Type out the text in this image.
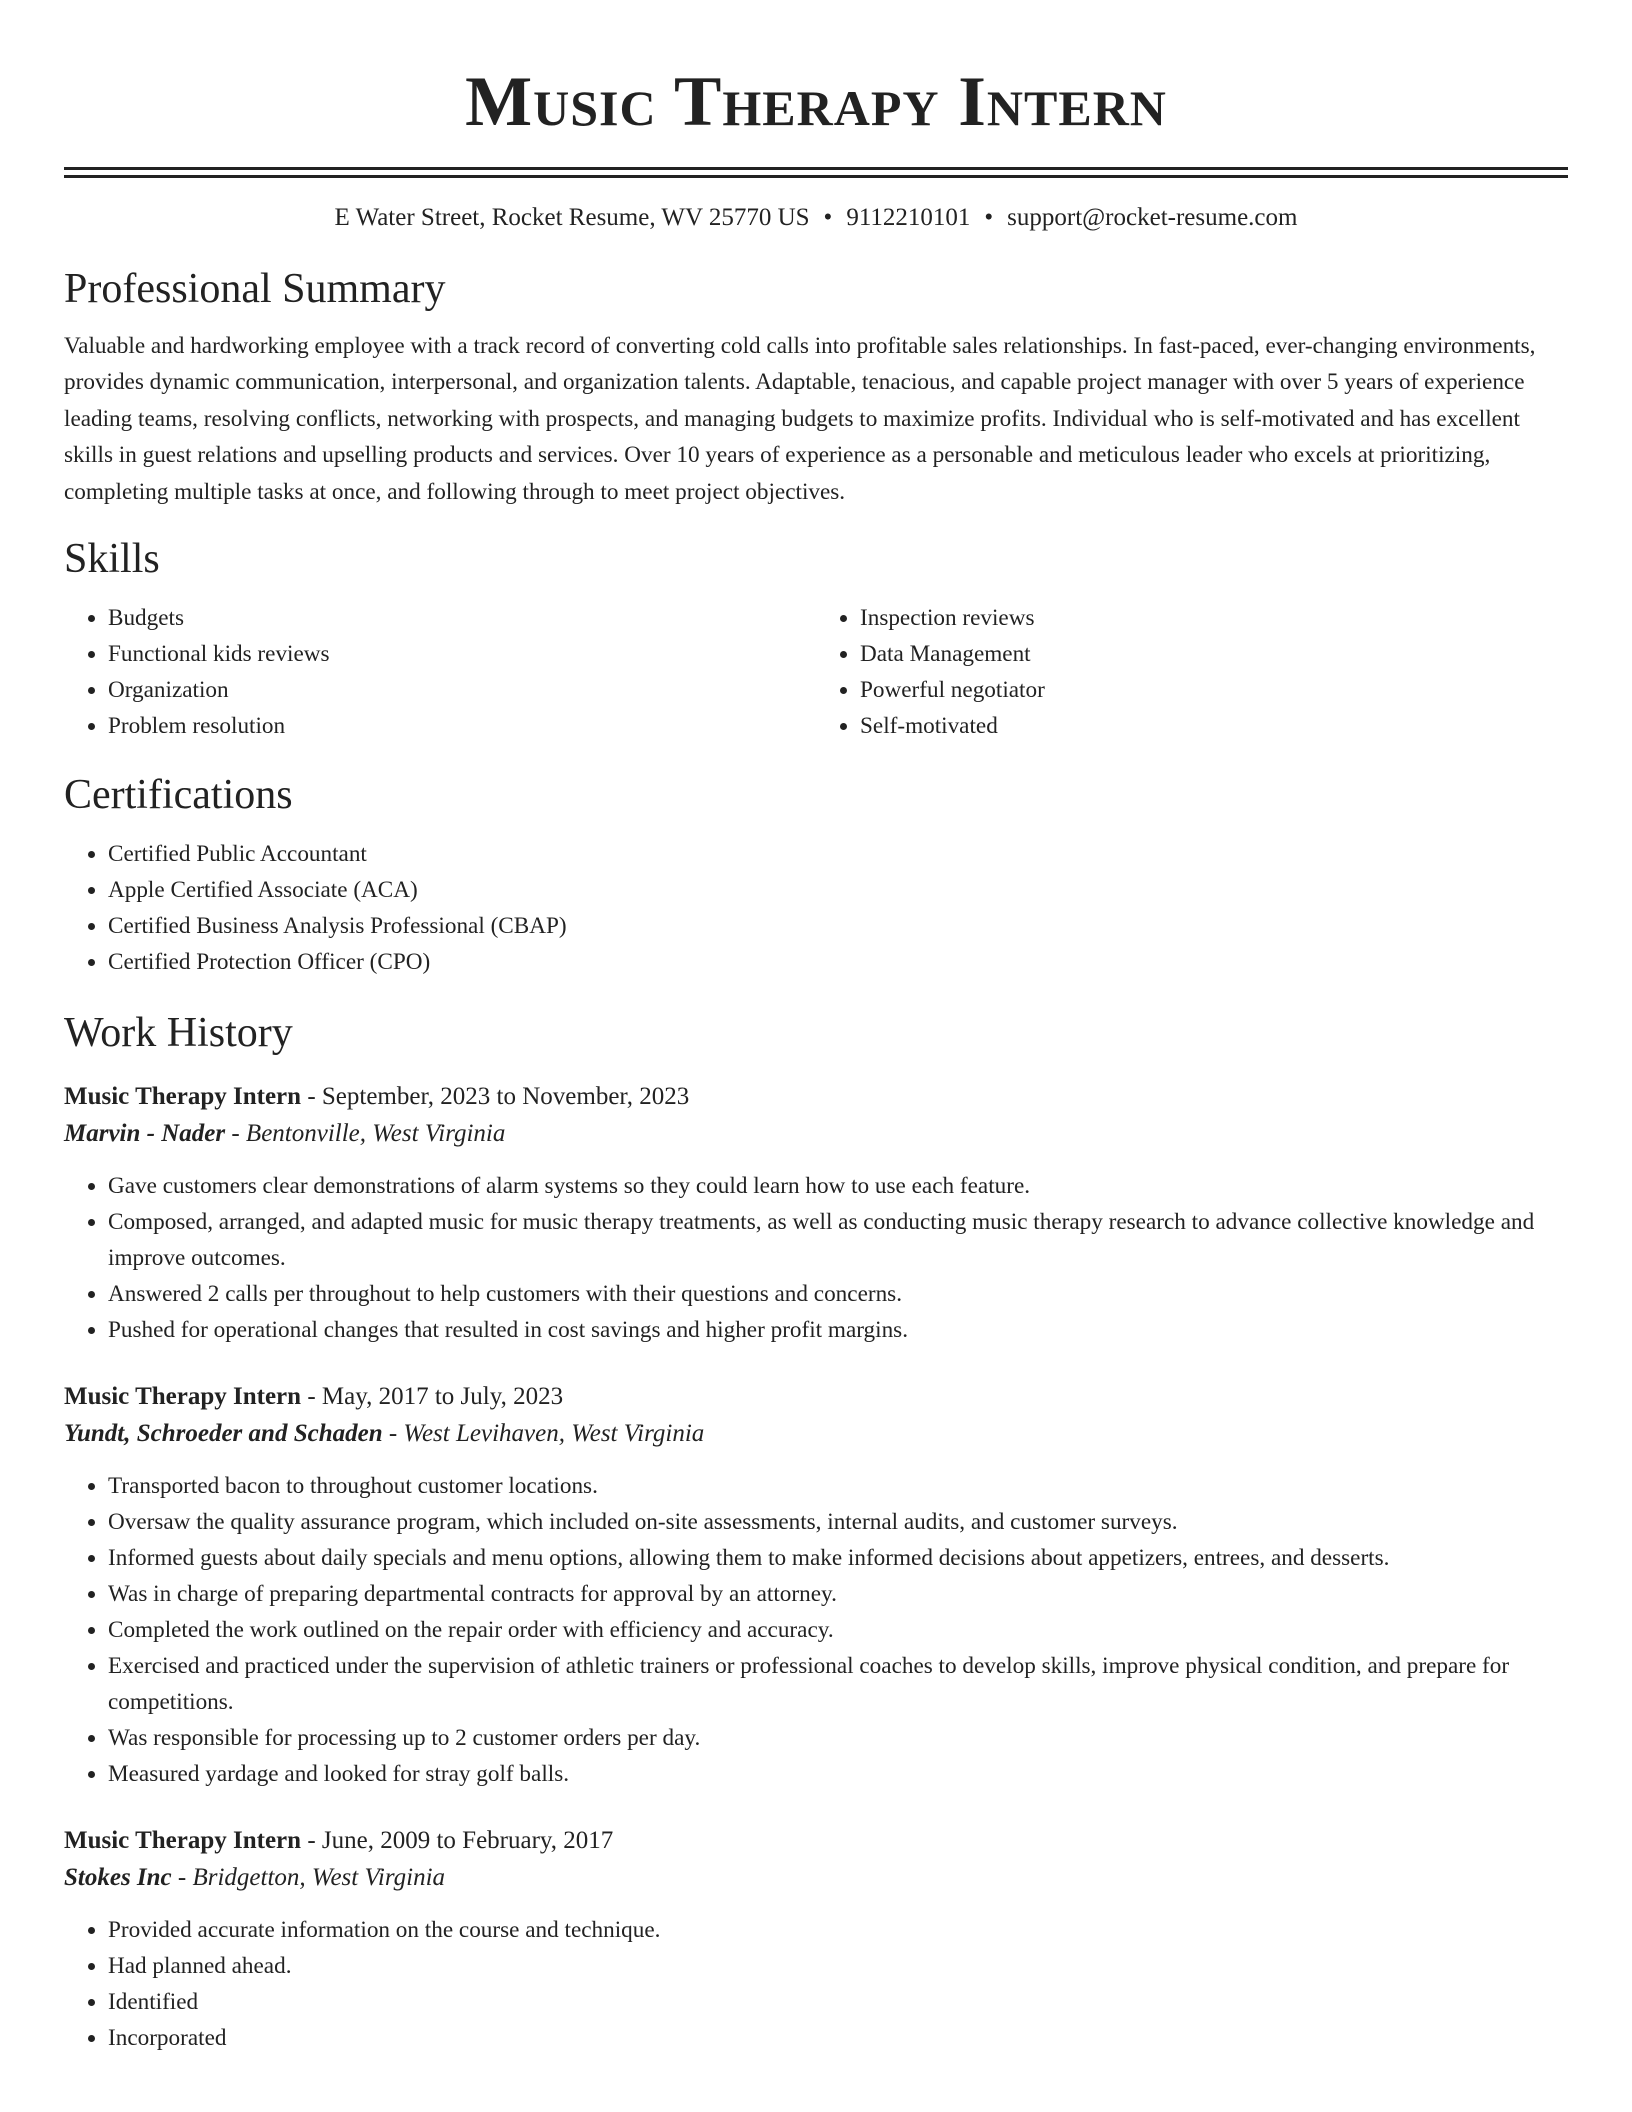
Music Therapy Intern
E Water Street, Rocket Resume, WV 25770 US • 9112210101 • support@rocket-resume.com
Professional Summary
Valuable and hardworking employee with a track record of converting cold calls into profitable sales relationships. In fast-paced, ever-changing environments, provides dynamic communication, interpersonal, and organization talents. Adaptable, tenacious, and capable project manager with over 5 years of experience leading teams, resolving conflicts, networking with prospects, and managing budgets to maximize profits. Individual who is self-motivated and has excellent skills in guest relations and upselling products and services. Over 10 years of experience as a personable and meticulous leader who excels at prioritizing, completing multiple tasks at once, and following through to meet project objectives.
Skills
• Budgets
• Functional kids reviews
• Organization
• Problem resolution
• Inspection reviews
• Data Management
• Powerful negotiator
• Self-motivated
Certifications
• Certified Public Accountant
• Apple Certified Associate (ACA)
• Certified Business Analysis Professional (CBAP)
• Certified Protection Officer (CPO)
Work History
Music Therapy Intern - September, 2023 to November, 2023
Marvin - Nader - Bentonville, West Virginia
• Gave customers clear demonstrations of alarm systems so they could learn how to use each feature.
• Composed, arranged, and adapted music for music therapy treatments, as well as conducting music therapy research to advance collective knowledge and improve outcomes.
• Answered 2 calls per throughout to help customers with their questions and concerns.
• Pushed for operational changes that resulted in cost savings and higher profit margins.
Music Therapy Intern - May, 2017 to July, 2023
Yundt, Schroeder and Schaden - West Levihaven, West Virginia
• Transported bacon to throughout customer locations.
• Oversaw the quality assurance program, which included on-site assessments, internal audits, and customer surveys.
• Informed guests about daily specials and menu options, allowing them to make informed decisions about appetizers, entrees, and desserts.
• Was in charge of preparing departmental contracts for approval by an attorney.
• Completed the work outlined on the repair order with efficiency and accuracy.
• Exercised and practiced under the supervision of athletic trainers or professional coaches to develop skills, improve physical condition, and prepare for competitions.
• Was responsible for processing up to 2 customer orders per day.
• Measured yardage and looked for stray golf balls.
Music Therapy Intern - June, 2009 to February, 2017
Stokes Inc - Bridgetton, West Virginia
• Provided accurate information on the course and technique.
• Had planned ahead.
• Identified
• Incorporated
